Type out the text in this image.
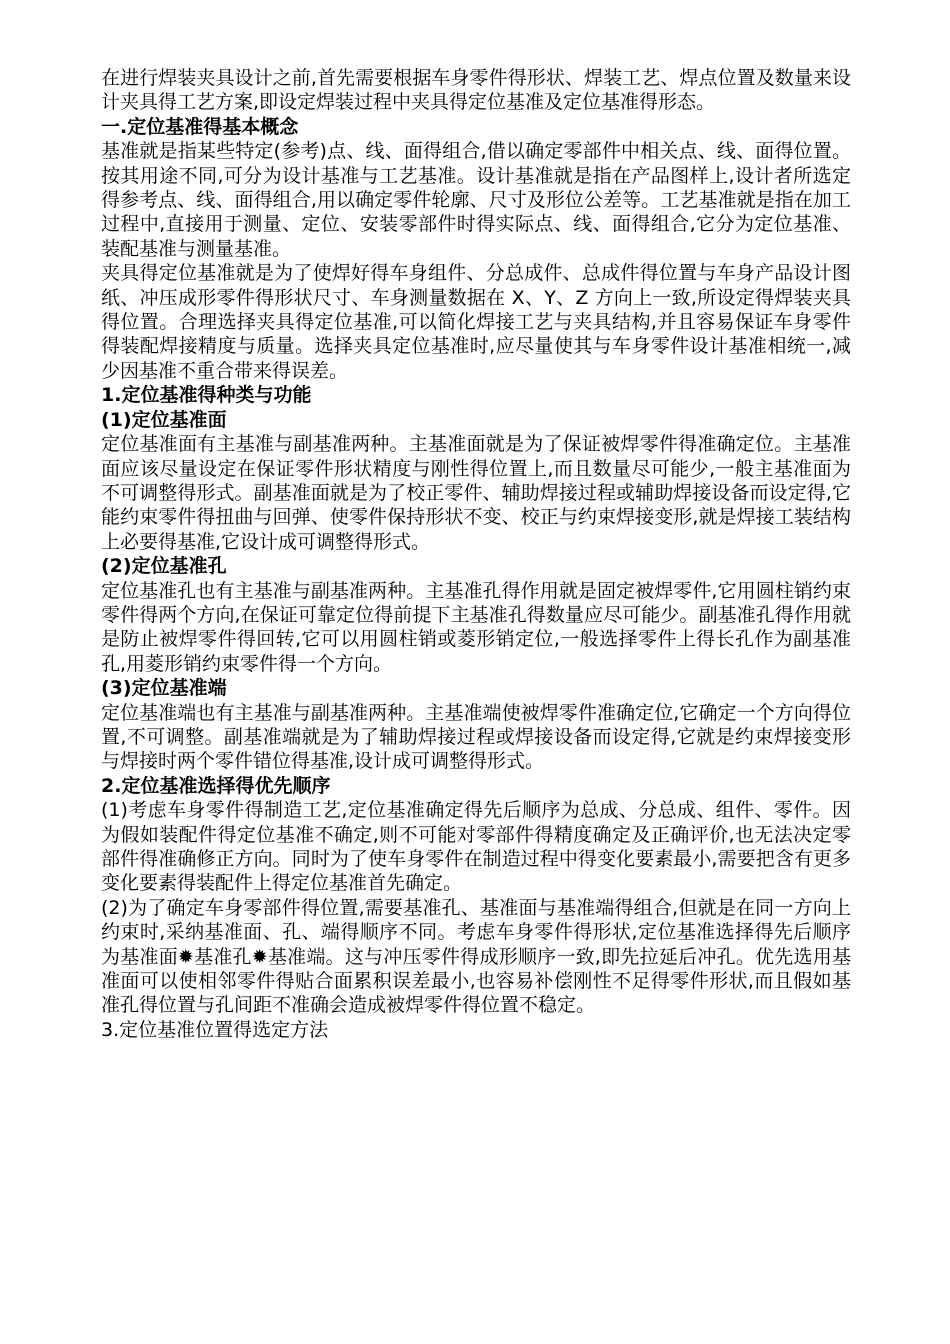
在进行焊装夹具设计之前,首先需要根据车身零件得形状、焊装工艺、焊点位置及数量来设计夹具得工艺方案,即设定焊装过程中夹具得定位基准及定位基准得形态。

一.定位基准得基本概念

基准就是指某些特定(参考)点、线、面得组合,借以确定零部件中相关点、线、面得位置。按其用途不同,可分为设计基准与工艺基准。设计基准就是指在产品图样上,设计者所选定得参考点、线、面得组合,用以确定零件轮廓、尺寸及形位公差等。工艺基准就是指在加工过程中,直接用于测量、定位、安装零部件时得实际点、线、面得组合,它分为定位基准、装配基准与测量基准。

夹具得定位基准就是为了使焊好得车身组件、分总成件、总成件得位置与车身产品设计图纸、冲压成形零件得形状尺寸、车身测量数据在 X、Y、Z 方向上一致,所设定得焊装夹具得位置。合理选择夹具得定位基准,可以简化焊接工艺与夹具结构,并且容易保证车身零件得装配焊接精度与质量。选择夹具定位基准时,应尽量使其与车身零件设计基准相统一,减少因基准不重合带来得误差。

1.定位基准得种类与功能
(1)定位基准面

定位基准面有主基准与副基准两种。主基准面就是为了保证被焊零件得准确定位。主基准面应该尽量设定在保证零件形状精度与刚性得位置上,而且数量尽可能少,一般主基准面为不可调整得形式。副基准面就是为了校正零件、辅助焊接过程或辅助焊接设备而设定得,它能约束零件得扭曲与回弹、使零件保持形状不变、校正与约束焊接变形,就是焊接工装结构上必要得基准,它设计成可调整得形式。

(2)定位基准孔

定位基准孔也有主基准与副基准两种。主基准孔得作用就是固定被焊零件,它用圆柱销约束零件得两个方向,在保证可靠定位得前提下主基准孔得数量应尽可能少。副基准孔得作用就是防止被焊零件得回转,它可以用圆柱销或菱形销定位,一般选择零件上得长孔作为副基准孔,用菱形销约束零件得一个方向。

(3)定位基准端

定位基准端也有主基准与副基准两种。主基准端使被焊零件准确定位,它确定一个方向得位置,不可调整。副基准端就是为了辅助焊接过程或焊接设备而设定得,它就是约束焊接变形与焊接时两个零件错位得基准,设计成可调整得形式。

2.定位基准选择得优先顺序

(1)考虑车身零件得制造工艺,定位基准确定得先后顺序为总成、分总成、组件、零件。因为假如装配件得定位基准不确定,则不可能对零部件得精度确定及正确评价,也无法决定零部件得准确修正方向。同时为了使车身零件在制造过程中得变化要素最小,需要把含有更多变化要素得装配件上得定位基准首先确定。

(2)为了确定车身零部件得位置,需要基准孔、基准面与基准端得组合,但就是在同一方向上约束时,采纳基准面、孔、端得顺序不同。考虑车身零件得形状,定位基准选择得先后顺序为基准面✹基准孔✹基准端。这与冲压零件得成形顺序一致,即先拉延后冲孔。优先选用基准面可以使相邻零件得贴合面累积误差最小,也容易补偿刚性不足得零件形状,而且假如基准孔得位置与孔间距不准确会造成被焊零件得位置不稳定。

3.定位基准位置得选定方法
